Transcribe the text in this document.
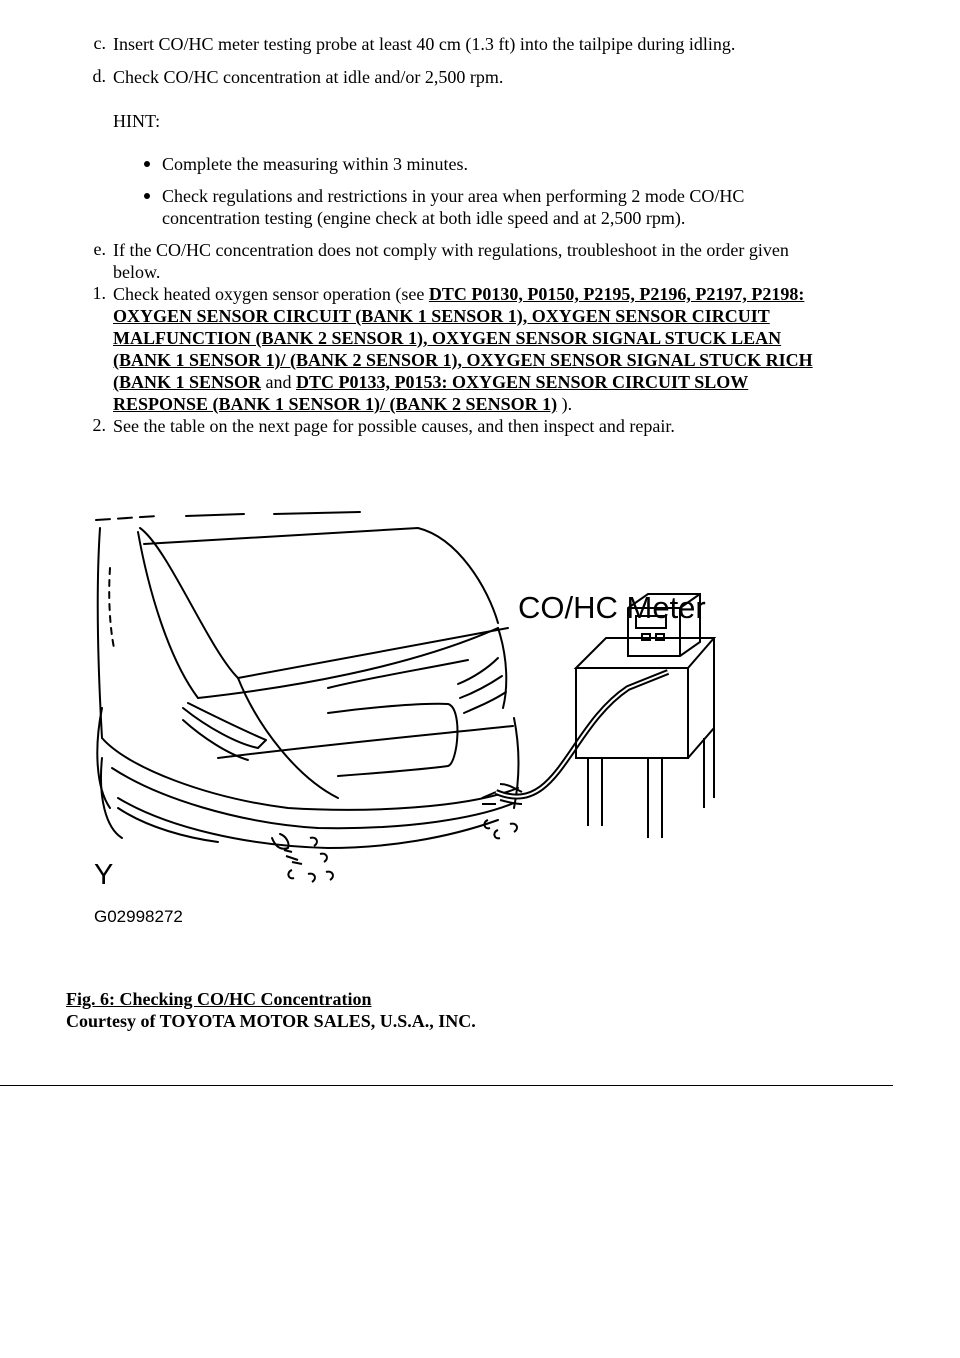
c. Insert CO/HC meter testing probe at least 40 cm (1.3 ft) into the tailpipe during idling.
d. Check CO/HC concentration at idle and/or 2,500 rpm.
HINT:
Complete the measuring within 3 minutes.
Check regulations and restrictions in your area when performing 2 mode CO/HC
concentration testing (engine check at both idle speed and at 2,500 rpm).
e. If the CO/HC concentration does not comply with regulations, troubleshoot in the order given
below.
1. Check heated oxygen sensor operation (see DTC P0130, P0150, P2195, P2196, P2197, P2198:
OXYGEN SENSOR CIRCUIT (BANK 1 SENSOR 1), OXYGEN SENSOR CIRCUIT
MALFUNCTION (BANK 2 SENSOR 1), OXYGEN SENSOR SIGNAL STUCK LEAN
(BANK 1 SENSOR 1)/ (BANK 2 SENSOR 1), OXYGEN SENSOR SIGNAL STUCK RICH
(BANK 1 SENSOR and DTC P0133, P0153: OXYGEN SENSOR CIRCUIT SLOW
RESPONSE (BANK 1 SENSOR 1)/ (BANK 2 SENSOR 1) ).
2. See the table on the next page for possible causes, and then inspect and repair.
CO/HC Meter
Y
G02998272
Fig. 6: Checking CO/HC Concentration
Courtesy of TOYOTA MOTOR SALES, U.S.A., INC.
